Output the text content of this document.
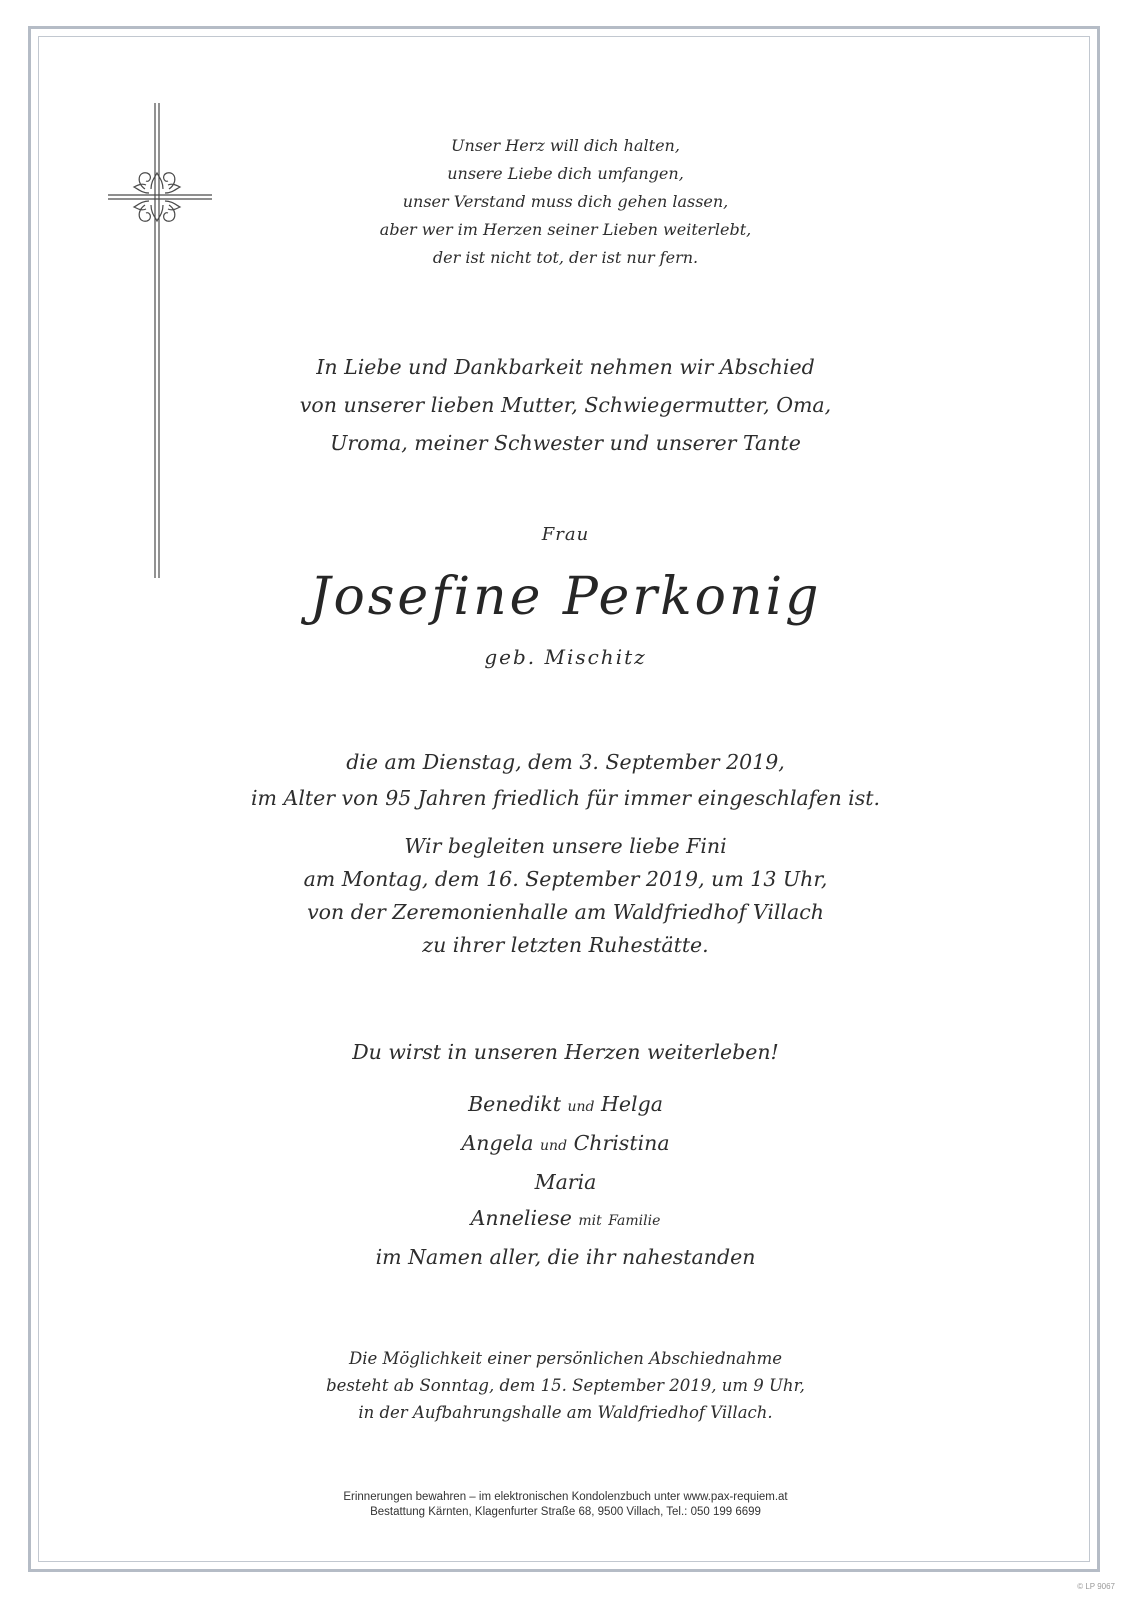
Unser Herz will dich halten,
unsere Liebe dich umfangen,
unser Verstand muss dich gehen lassen,
aber wer im Herzen seiner Lieben weiterlebt,
der ist nicht tot, der ist nur fern.
In Liebe und Dankbarkeit nehmen wir Abschied
von unserer lieben Mutter, Schwiegermutter, Oma,
Uroma, meiner Schwester und unserer Tante
Frau
Josefine Perkonig
geb. Mischitz
die am Dienstag, dem 3. September 2019,
im Alter von 95 Jahren friedlich für immer eingeschlafen ist.
Wir begleiten unsere liebe Fini
am Montag, dem 16. September 2019, um 13 Uhr,
von der Zeremonienhalle am Waldfriedhof Villach
zu ihrer letzten Ruhestätte.
Du wirst in unseren Herzen weiterleben!
Benedikt und Helga
Angela und Christina
Maria
Anneliese mit Familie
im Namen aller, die ihr nahestanden
Die Möglichkeit einer persönlichen Abschiednahme
besteht ab Sonntag, dem 15. September 2019, um 9 Uhr,
in der Aufbahrungshalle am Waldfriedhof Villach.
Erinnerungen bewahren – im elektronischen Kondolenzbuch unter www.pax-requiem.at
Bestattung Kärnten, Klagenfurter Straße 68, 9500 Villach, Tel.: 050 199 6699
© LP 9067
